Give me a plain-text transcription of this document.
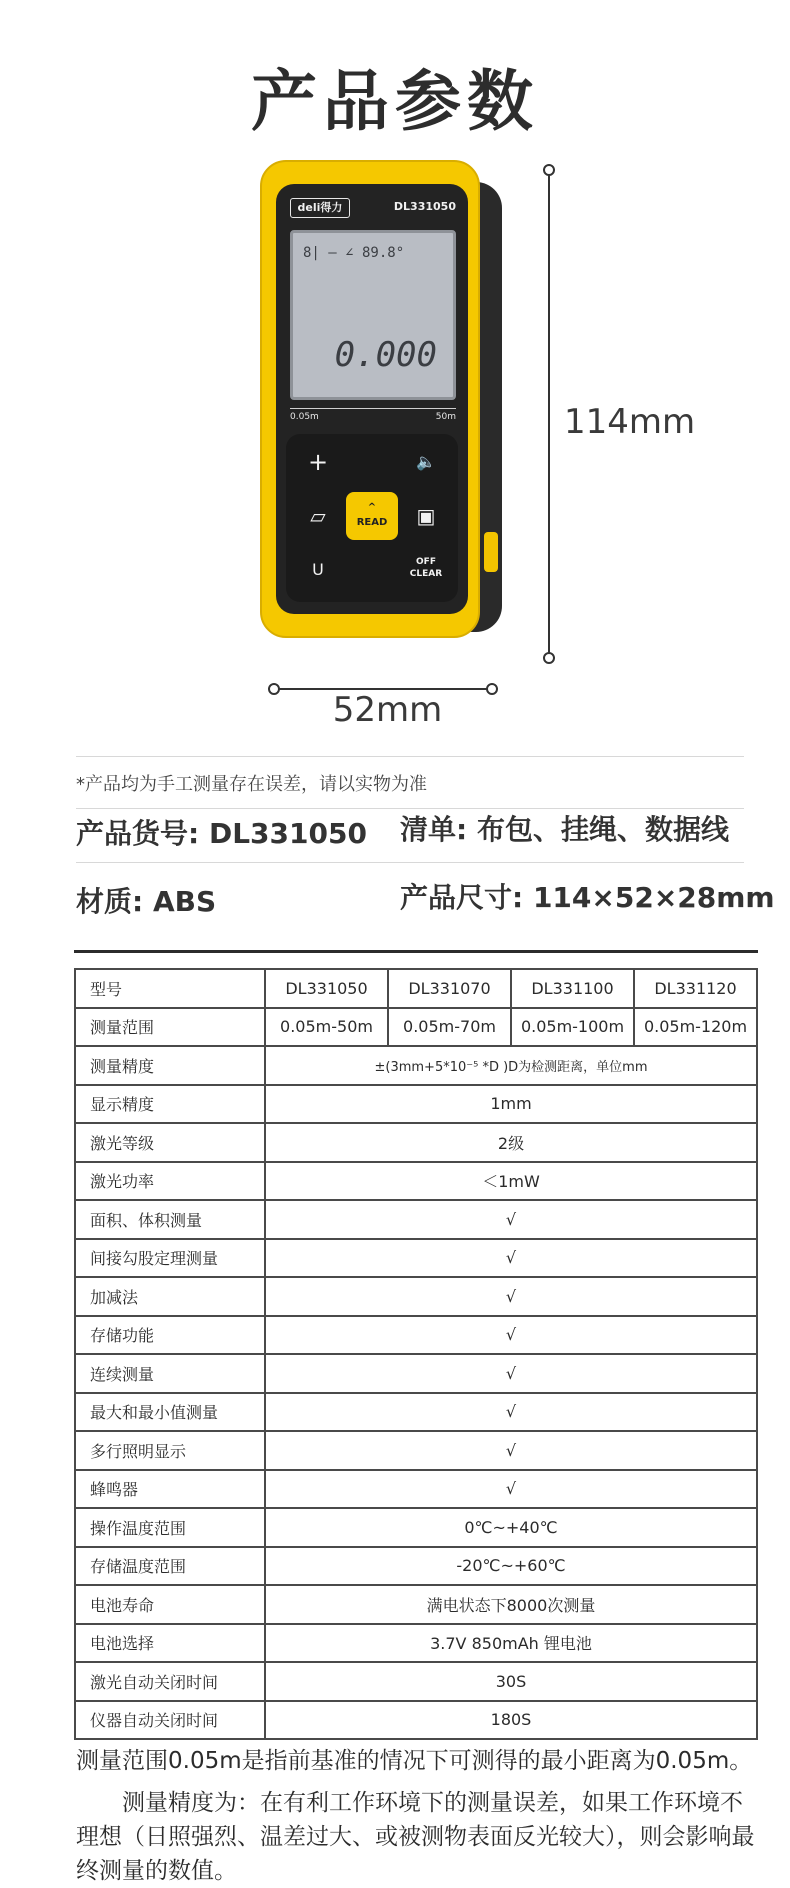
产品参数
deli得力	DL331050
8| — ∠ 89.8°
0.000
0.05m	50m
+	🔈
▱	^
READ	▣
U	OFF
CLEAR
114mm
52mm
*产品均为手工测量存在误差，请以实物为准
产品货号: DL331050 清单: 布包、挂绳、数据线
材质: ABS	产品尺寸: 114×52×28mm
型号	DL331050	DL331070	DL331100	DL331120
测量范围	0.05m-50m	0.05m-70m	0.05m-100m	0.05m-120m
测量精度	±(3mm+5*10⁻⁵ *D )D为检测距离，单位mm			
显示精度	1mm			
激光等级	2级			
激光功率	＜1mW			
面积、体积测量	√			
间接勾股定理测量	√			
加减法	√			
存储功能	√			
连续测量	√			
最大和最小值测量	√			
多行照明显示	√			
蜂鸣器	√			
操作温度范围	0℃~+40℃			
存储温度范围	-20℃~+60℃			
电池寿命	满电状态下8000次测量			
电池选择	3.7V 850mAh 锂电池			
激光自动关闭时间	30S			
仪器自动关闭时间	180S			
测量范围0.05m是指前基准的情况下可测得的最小距离为0.05m。
测量精度为：在有利工作环境下的测量误差，如果工作环境不理想（日照强烈、温差过大、或被测物表面反光较大），则会影响最终测量的数值。
